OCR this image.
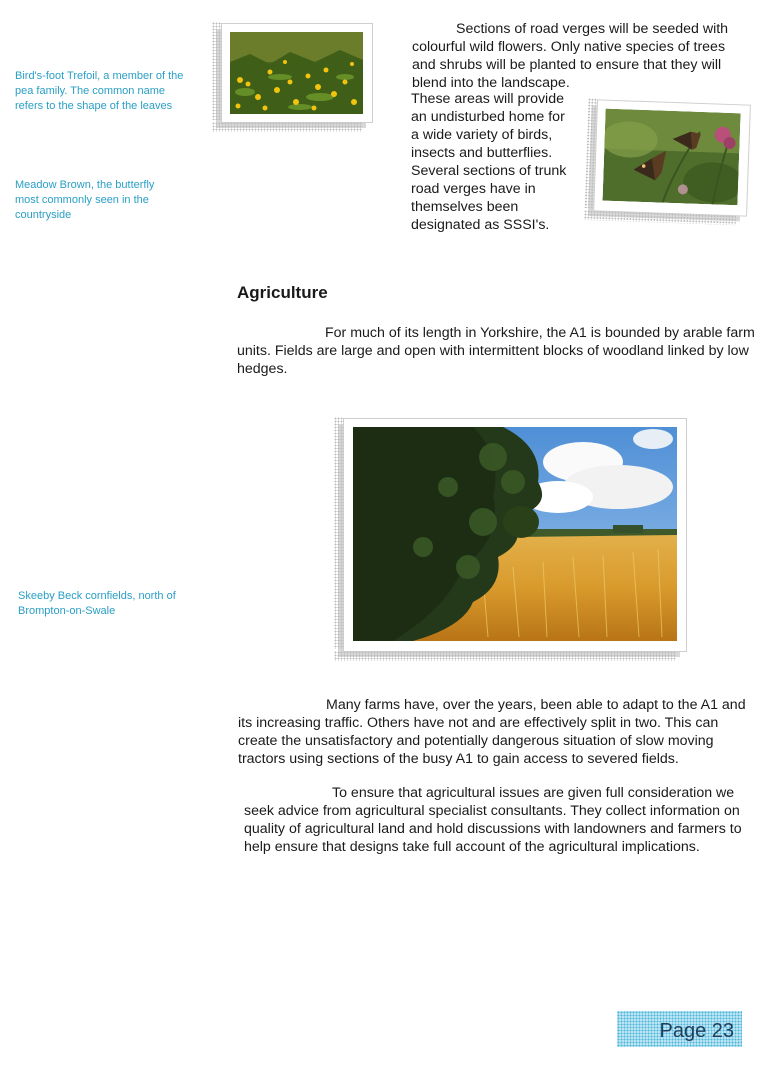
Bird's-foot Trefoil, a member of the pea family. The common name refers to the shape of the leaves
Meadow Brown, the butterfly most commonly seen in the countryside
Skeeby Beck cornfields, north of Brompton-on-Swale
Sections of road verges will be seeded with
colourful wild flowers. Only native species of trees
and shrubs will be planted to ensure that they will
blend into the landscape.
These areas will provide
an undisturbed home for
a wide variety of birds,
insects and butterflies.
Several sections of trunk
road verges have in
themselves been
designated as SSSI's.
Agriculture
For much of its length in Yorkshire, the A1 is bounded by arable farm units. Fields are large and open with intermittent blocks of woodland linked by low hedges.
Many farms have, over the years, been able to adapt to the A1 and its increasing traffic. Others have not and are effectively split in two. This can create the unsatisfactory and potentially dangerous situation of slow moving tractors using sections of the busy A1 to gain access to severed fields.
To ensure that agricultural issues are given full consideration we seek advice from agricultural specialist consultants. They collect information on quality of agricultural land and hold discussions with landowners and farmers to help ensure that designs take full account of the agricultural implications.
Page 23
